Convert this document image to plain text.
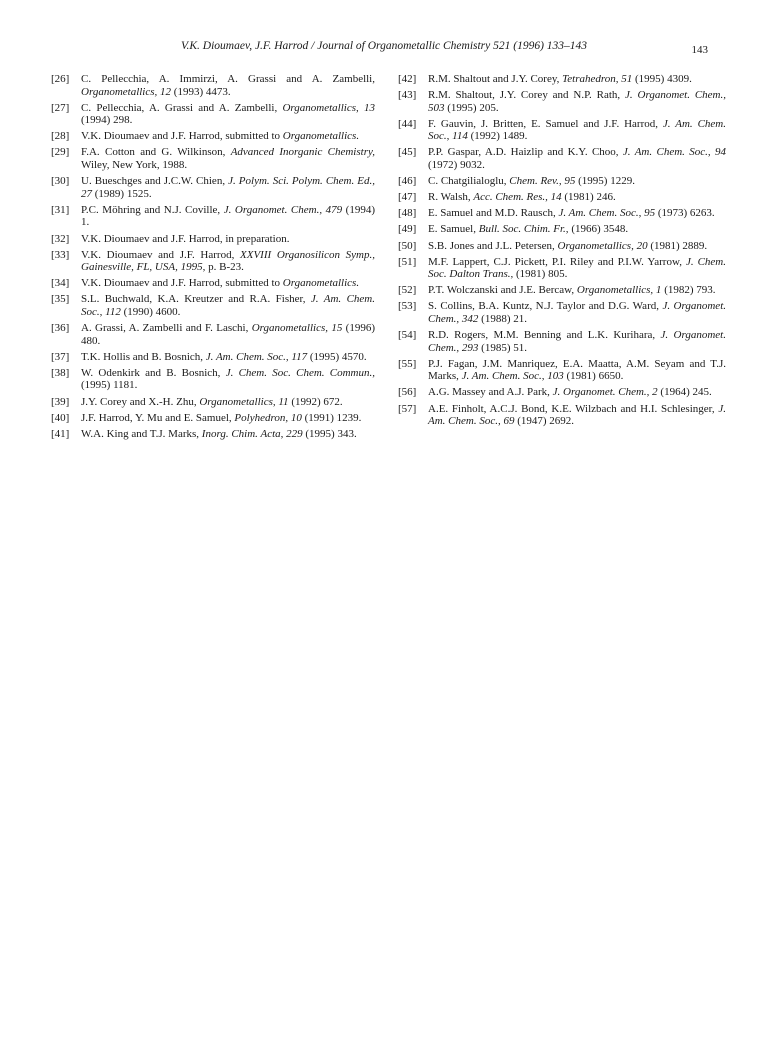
V.K. Dioumaev, J.F. Harrod / Journal of Organometallic Chemistry 521 (1996) 133–143	143
[26] C. Pellecchia, A. Immirzi, A. Grassi and A. Zambelli, Organometallics, 12 (1993) 4473.
[27] C. Pellecchia, A. Grassi and A. Zambelli, Organometallics, 13 (1994) 298.
[28] V.K. Dioumaev and J.F. Harrod, submitted to Organometallics.
[29] F.A. Cotton and G. Wilkinson, Advanced Inorganic Chemistry, Wiley, New York, 1988.
[30] U. Bueschges and J.C.W. Chien, J. Polym. Sci. Polym. Chem. Ed., 27 (1989) 1525.
[31] P.C. Möhring and N.J. Coville, J. Organomet. Chem., 479 (1994) 1.
[32] V.K. Dioumaev and J.F. Harrod, in preparation.
[33] V.K. Dioumaev and J.F. Harrod, XXVIII Organosilicon Symp., Gainesville, FL, USA, 1995, p. B-23.
[34] V.K. Dioumaev and J.F. Harrod, submitted to Organometallics.
[35] S.L. Buchwald, K.A. Kreutzer and R.A. Fisher, J. Am. Chem. Soc., 112 (1990) 4600.
[36] A. Grassi, A. Zambelli and F. Laschi, Organometallics, 15 (1996) 480.
[37] T.K. Hollis and B. Bosnich, J. Am. Chem. Soc., 117 (1995) 4570.
[38] W. Odenkirk and B. Bosnich, J. Chem. Soc. Chem. Commun., (1995) 1181.
[39] J.Y. Corey and X.-H. Zhu, Organometallics, 11 (1992) 672.
[40] J.F. Harrod, Y. Mu and E. Samuel, Polyhedron, 10 (1991) 1239.
[41] W.A. King and T.J. Marks, Inorg. Chim. Acta, 229 (1995) 343.
[42] R.M. Shaltout and J.Y. Corey, Tetrahedron, 51 (1995) 4309.
[43] R.M. Shaltout, J.Y. Corey and N.P. Rath, J. Organomet. Chem., 503 (1995) 205.
[44] F. Gauvin, J. Britten, E. Samuel and J.F. Harrod, J. Am. Chem. Soc., 114 (1992) 1489.
[45] P.P. Gaspar, A.D. Haizlip and K.Y. Choo, J. Am. Chem. Soc., 94 (1972) 9032.
[46] C. Chatgilialoglu, Chem. Rev., 95 (1995) 1229.
[47] R. Walsh, Acc. Chem. Res., 14 (1981) 246.
[48] E. Samuel and M.D. Rausch, J. Am. Chem. Soc., 95 (1973) 6263.
[49] E. Samuel, Bull. Soc. Chim. Fr., (1966) 3548.
[50] S.B. Jones and J.L. Petersen, Organometallics, 20 (1981) 2889.
[51] M.F. Lappert, C.J. Pickett, P.I. Riley and P.I.W. Yarrow, J. Chem. Soc. Dalton Trans., (1981) 805.
[52] P.T. Wolczanski and J.E. Bercaw, Organometallics, 1 (1982) 793.
[53] S. Collins, B.A. Kuntz, N.J. Taylor and D.G. Ward, J. Organomet. Chem., 342 (1988) 21.
[54] R.D. Rogers, M.M. Benning and L.K. Kurihara, J. Organomet. Chem., 293 (1985) 51.
[55] P.J. Fagan, J.M. Manriquez, E.A. Maatta, A.M. Seyam and T.J. Marks, J. Am. Chem. Soc., 103 (1981) 6650.
[56] A.G. Massey and A.J. Park, J. Organomet. Chem., 2 (1964) 245.
[57] A.E. Finholt, A.C.J. Bond, K.E. Wilzbach and H.I. Schlesinger, J. Am. Chem. Soc., 69 (1947) 2692.
